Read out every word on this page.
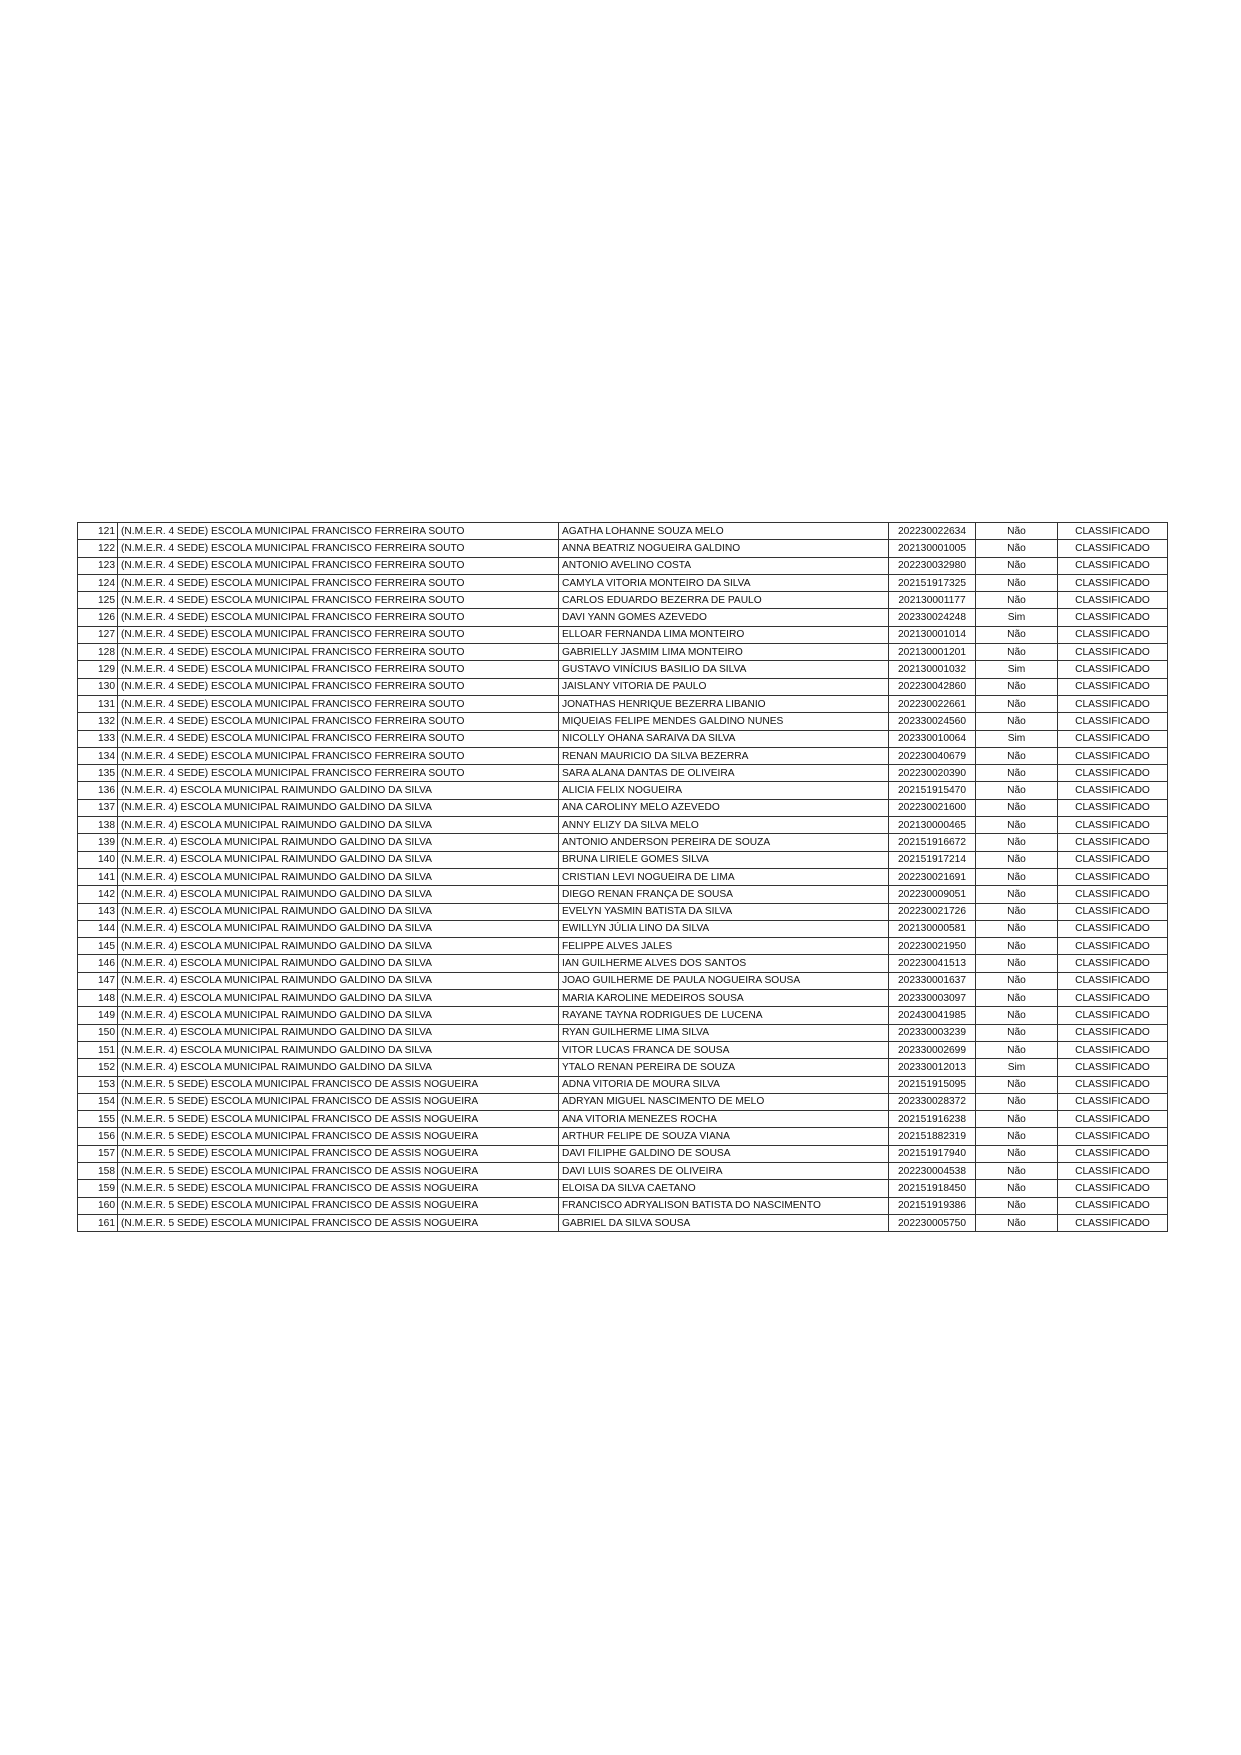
121	(N.M.E.R. 4 SEDE) ESCOLA MUNICIPAL FRANCISCO FERREIRA SOUTO	AGATHA LOHANNE SOUZA MELO	202230022634	Não	CLASSIFICADO
122	(N.M.E.R. 4 SEDE) ESCOLA MUNICIPAL FRANCISCO FERREIRA SOUTO	ANNA BEATRIZ NOGUEIRA GALDINO	202130001005	Não	CLASSIFICADO
123	(N.M.E.R. 4 SEDE) ESCOLA MUNICIPAL FRANCISCO FERREIRA SOUTO	ANTONIO AVELINO COSTA	202230032980	Não	CLASSIFICADO
124	(N.M.E.R. 4 SEDE) ESCOLA MUNICIPAL FRANCISCO FERREIRA SOUTO	CAMYLA VITORIA MONTEIRO DA SILVA	202151917325	Não	CLASSIFICADO
125	(N.M.E.R. 4 SEDE) ESCOLA MUNICIPAL FRANCISCO FERREIRA SOUTO	CARLOS EDUARDO BEZERRA DE PAULO	202130001177	Não	CLASSIFICADO
126	(N.M.E.R. 4 SEDE) ESCOLA MUNICIPAL FRANCISCO FERREIRA SOUTO	DAVI YANN GOMES AZEVEDO	202330024248	Sim	CLASSIFICADO
127	(N.M.E.R. 4 SEDE) ESCOLA MUNICIPAL FRANCISCO FERREIRA SOUTO	ELLOAR FERNANDA LIMA MONTEIRO	202130001014	Não	CLASSIFICADO
128	(N.M.E.R. 4 SEDE) ESCOLA MUNICIPAL FRANCISCO FERREIRA SOUTO	GABRIELLY JASMIM LIMA MONTEIRO	202130001201	Não	CLASSIFICADO
129	(N.M.E.R. 4 SEDE) ESCOLA MUNICIPAL FRANCISCO FERREIRA SOUTO	GUSTAVO VINÍCIUS BASILIO DA SILVA	202130001032	Sim	CLASSIFICADO
130	(N.M.E.R. 4 SEDE) ESCOLA MUNICIPAL FRANCISCO FERREIRA SOUTO	JAISLANY VITORIA DE PAULO	202230042860	Não	CLASSIFICADO
131	(N.M.E.R. 4 SEDE) ESCOLA MUNICIPAL FRANCISCO FERREIRA SOUTO	JONATHAS HENRIQUE BEZERRA LIBANIO	202230022661	Não	CLASSIFICADO
132	(N.M.E.R. 4 SEDE) ESCOLA MUNICIPAL FRANCISCO FERREIRA SOUTO	MIQUEIAS FELIPE MENDES GALDINO NUNES	202330024560	Não	CLASSIFICADO
133	(N.M.E.R. 4 SEDE) ESCOLA MUNICIPAL FRANCISCO FERREIRA SOUTO	NICOLLY OHANA SARAIVA DA SILVA	202330010064	Sim	CLASSIFICADO
134	(N.M.E.R. 4 SEDE) ESCOLA MUNICIPAL FRANCISCO FERREIRA SOUTO	RENAN MAURICIO DA SILVA BEZERRA	202230040679	Não	CLASSIFICADO
135	(N.M.E.R. 4 SEDE) ESCOLA MUNICIPAL FRANCISCO FERREIRA SOUTO	SARA ALANA DANTAS DE OLIVEIRA	202230020390	Não	CLASSIFICADO
136	(N.M.E.R. 4) ESCOLA MUNICIPAL RAIMUNDO GALDINO DA SILVA	ALICIA FELIX NOGUEIRA	202151915470	Não	CLASSIFICADO
137	(N.M.E.R. 4) ESCOLA MUNICIPAL RAIMUNDO GALDINO DA SILVA	ANA CAROLINY MELO AZEVEDO	202230021600	Não	CLASSIFICADO
138	(N.M.E.R. 4) ESCOLA MUNICIPAL RAIMUNDO GALDINO DA SILVA	ANNY ELIZY DA SILVA MELO	202130000465	Não	CLASSIFICADO
139	(N.M.E.R. 4) ESCOLA MUNICIPAL RAIMUNDO GALDINO DA SILVA	ANTONIO ANDERSON PEREIRA DE SOUZA	202151916672	Não	CLASSIFICADO
140	(N.M.E.R. 4) ESCOLA MUNICIPAL RAIMUNDO GALDINO DA SILVA	BRUNA LIRIELE GOMES SILVA	202151917214	Não	CLASSIFICADO
141	(N.M.E.R. 4) ESCOLA MUNICIPAL RAIMUNDO GALDINO DA SILVA	CRISTIAN LEVI NOGUEIRA DE LIMA	202230021691	Não	CLASSIFICADO
142	(N.M.E.R. 4) ESCOLA MUNICIPAL RAIMUNDO GALDINO DA SILVA	DIEGO RENAN FRANÇA DE SOUSA	202230009051	Não	CLASSIFICADO
143	(N.M.E.R. 4) ESCOLA MUNICIPAL RAIMUNDO GALDINO DA SILVA	EVELYN YASMIN BATISTA DA SILVA	202230021726	Não	CLASSIFICADO
144	(N.M.E.R. 4) ESCOLA MUNICIPAL RAIMUNDO GALDINO DA SILVA	EWILLYN JÚLIA LINO DA SILVA	202130000581	Não	CLASSIFICADO
145	(N.M.E.R. 4) ESCOLA MUNICIPAL RAIMUNDO GALDINO DA SILVA	FELIPPE ALVES JALES	202230021950	Não	CLASSIFICADO
146	(N.M.E.R. 4) ESCOLA MUNICIPAL RAIMUNDO GALDINO DA SILVA	IAN GUILHERME ALVES DOS SANTOS	202230041513	Não	CLASSIFICADO
147	(N.M.E.R. 4) ESCOLA MUNICIPAL RAIMUNDO GALDINO DA SILVA	JOAO GUILHERME DE PAULA NOGUEIRA SOUSA	202330001637	Não	CLASSIFICADO
148	(N.M.E.R. 4) ESCOLA MUNICIPAL RAIMUNDO GALDINO DA SILVA	MARIA KAROLINE MEDEIROS SOUSA	202330003097	Não	CLASSIFICADO
149	(N.M.E.R. 4) ESCOLA MUNICIPAL RAIMUNDO GALDINO DA SILVA	RAYANE TAYNA RODRIGUES DE LUCENA	202430041985	Não	CLASSIFICADO
150	(N.M.E.R. 4) ESCOLA MUNICIPAL RAIMUNDO GALDINO DA SILVA	RYAN GUILHERME LIMA SILVA	202330003239	Não	CLASSIFICADO
151	(N.M.E.R. 4) ESCOLA MUNICIPAL RAIMUNDO GALDINO DA SILVA	VITOR LUCAS FRANCA DE SOUSA	202330002699	Não	CLASSIFICADO
152	(N.M.E.R. 4) ESCOLA MUNICIPAL RAIMUNDO GALDINO DA SILVA	YTALO RENAN PEREIRA DE SOUZA	202330012013	Sim	CLASSIFICADO
153	(N.M.E.R. 5 SEDE) ESCOLA MUNICIPAL FRANCISCO DE ASSIS NOGUEIRA	ADNA VITORIA DE MOURA SILVA	202151915095	Não	CLASSIFICADO
154	(N.M.E.R. 5 SEDE) ESCOLA MUNICIPAL FRANCISCO DE ASSIS NOGUEIRA	ADRYAN MIGUEL NASCIMENTO DE MELO	202330028372	Não	CLASSIFICADO
155	(N.M.E.R. 5 SEDE) ESCOLA MUNICIPAL FRANCISCO DE ASSIS NOGUEIRA	ANA VITORIA MENEZES ROCHA	202151916238	Não	CLASSIFICADO
156	(N.M.E.R. 5 SEDE) ESCOLA MUNICIPAL FRANCISCO DE ASSIS NOGUEIRA	ARTHUR FELIPE DE SOUZA VIANA	202151882319	Não	CLASSIFICADO
157	(N.M.E.R. 5 SEDE) ESCOLA MUNICIPAL FRANCISCO DE ASSIS NOGUEIRA	DAVI FILIPHE GALDINO DE SOUSA	202151917940	Não	CLASSIFICADO
158	(N.M.E.R. 5 SEDE) ESCOLA MUNICIPAL FRANCISCO DE ASSIS NOGUEIRA	DAVI LUIS SOARES DE OLIVEIRA	202230004538	Não	CLASSIFICADO
159	(N.M.E.R. 5 SEDE) ESCOLA MUNICIPAL FRANCISCO DE ASSIS NOGUEIRA	ELOISA DA SILVA CAETANO	202151918450	Não	CLASSIFICADO
160	(N.M.E.R. 5 SEDE) ESCOLA MUNICIPAL FRANCISCO DE ASSIS NOGUEIRA	FRANCISCO ADRYALISON BATISTA DO NASCIMENTO	202151919386	Não	CLASSIFICADO
161	(N.M.E.R. 5 SEDE) ESCOLA MUNICIPAL FRANCISCO DE ASSIS NOGUEIRA	GABRIEL DA SILVA SOUSA	202230005750	Não	CLASSIFICADO
